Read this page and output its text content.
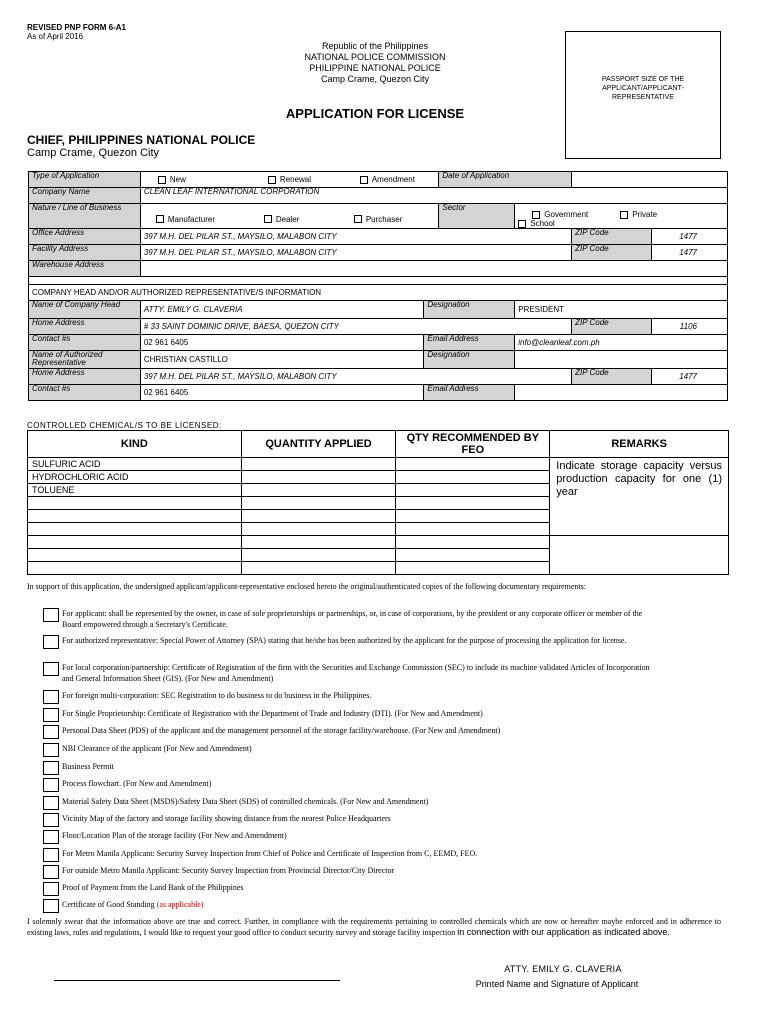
REVISED PNP FORM 6-A1
As of April 2016
Republic of the Philippines
NATIONAL POLICE COMMISSION
PHILIPPINE NATIONAL POLICE
Camp Crame, Quezon City	PASSPORT SIZE OF THE APPLICANT/APPLICANT-REPRESENTATIVE
APPLICATION FOR LICENSE
CHIEF, PHILIPPINES NATIONAL POLICE
Camp Crame, Quezon City
Type of Application	New Renewal Amendment		Date of Application			
Company Name	CLEAN LEAF INTERNATIONAL CORPORATION					
Nature / Line of Business	Manufacturer Dealer Purchaser		Sector	Government PrivateSchool		
Office Address	397 M.H. DEL PILAR ST., MAYSILO, MALABON CITY				ZIP Code	1477
Facility Address	397 M.H. DEL PILAR ST., MAYSILO, MALABON CITY				ZIP Code	1477
Warehouse Address						

COMPANY HEAD AND/OR AUTHORIZED REPRESENTATIVE/S INFORMATION						
Name of Company Head	ATTY. EMILY G. CLAVERIA	Designation		PRESIDENT		
Home Address	# 33 SAINT DOMINIC DRIVE, BAESA, QUEZON CITY				ZIP Code	1106
Contact #s	02 961 6405	Email Address		info@cleanleaf.com.ph		
Name of Authorized Representative	CHRISTIAN CASTILLO	Designation				
Home Address	397 M.H. DEL PILAR ST., MAYSILO, MALABON CITY				ZIP Code	1477
Contact #s	02 961 6405	Email Address				
CONTROLLED CHEMICAL/S TO BE LICENSED:
KIND	QUANTITY APPLIED	QTY RECOMMENDED BY FEO	REMARKS
SULFURIC ACID			Indicate storage capacity versus production capacity for one (1) year
HYDROCHLORIC ACID			
TOLUENE			

In support of this application, the undersigned applicant/applicant-representative enclosed hereto the original/authenticated copies of the following documentary requirements:
For applicant: shall be represented by the owner, in case of sole proprietorships or partnerships, or, in case of corporations, by the president or any corporate officer or member of the Board empowered through a Secretary's Certificate.
For authorized representative: Special Power of Attorney (SPA) stating that he/she has been authorized by the applicant for the purpose of processing the application for license.
For local corporation/partnership: Certificate of Registration of the firm with the Securities and Exchange Commission (SEC) to include its machine validated Articles of Incorporation and General Information Sheet (GIS). (For New and Amendment)
For foreign multi-corporation: SEC Registration to do business to do business in the Philippines.
For Single Proprietorship: Certificate of Registration with the Department of Trade and Industry (DTI). (For New and Amendment)
Personal Data Sheet (PDS) of the applicant and the management personnel of the storage facility/warehouse. (For New and Amendment)
NBI Clearance of the applicant (For New and Amendment)
Business Permit
Process flowchart. (For New and Amendment)
Material Safety Data Sheet (MSDS)/Safety Data Sheet (SDS) of controlled chemicals. (For New and Amendment)
Vicinity Map of the factory and storage facility showing distance from the nearest Police Headquarters
Floor/Location Plan of the storage facility (For New and Amendment)
For Metro Manila Applicant: Security Survey Inspection from Chief of Police and Certificate of Inspection from C, EEMD, FEO.
For outside Metro Manila Applicant: Security Survey Inspection from Provincial Director/City Director
Proof of Payment from the Land Bank of the Philippines
Certificate of Good Standing (as applicable)
I solemnly swear that the information above are true and correct. Further, in compliance with the requirements pertaining to controlled chemicals which are now or hereafter maybe enforced and in adherence to existing laws, rules and regulations, I would like to request your good office to conduct security survey and storage facility inspection in connection with our application as indicated above.
ATTY. EMILY G. CLAVERIA
Printed Name and Signature of Applicant
